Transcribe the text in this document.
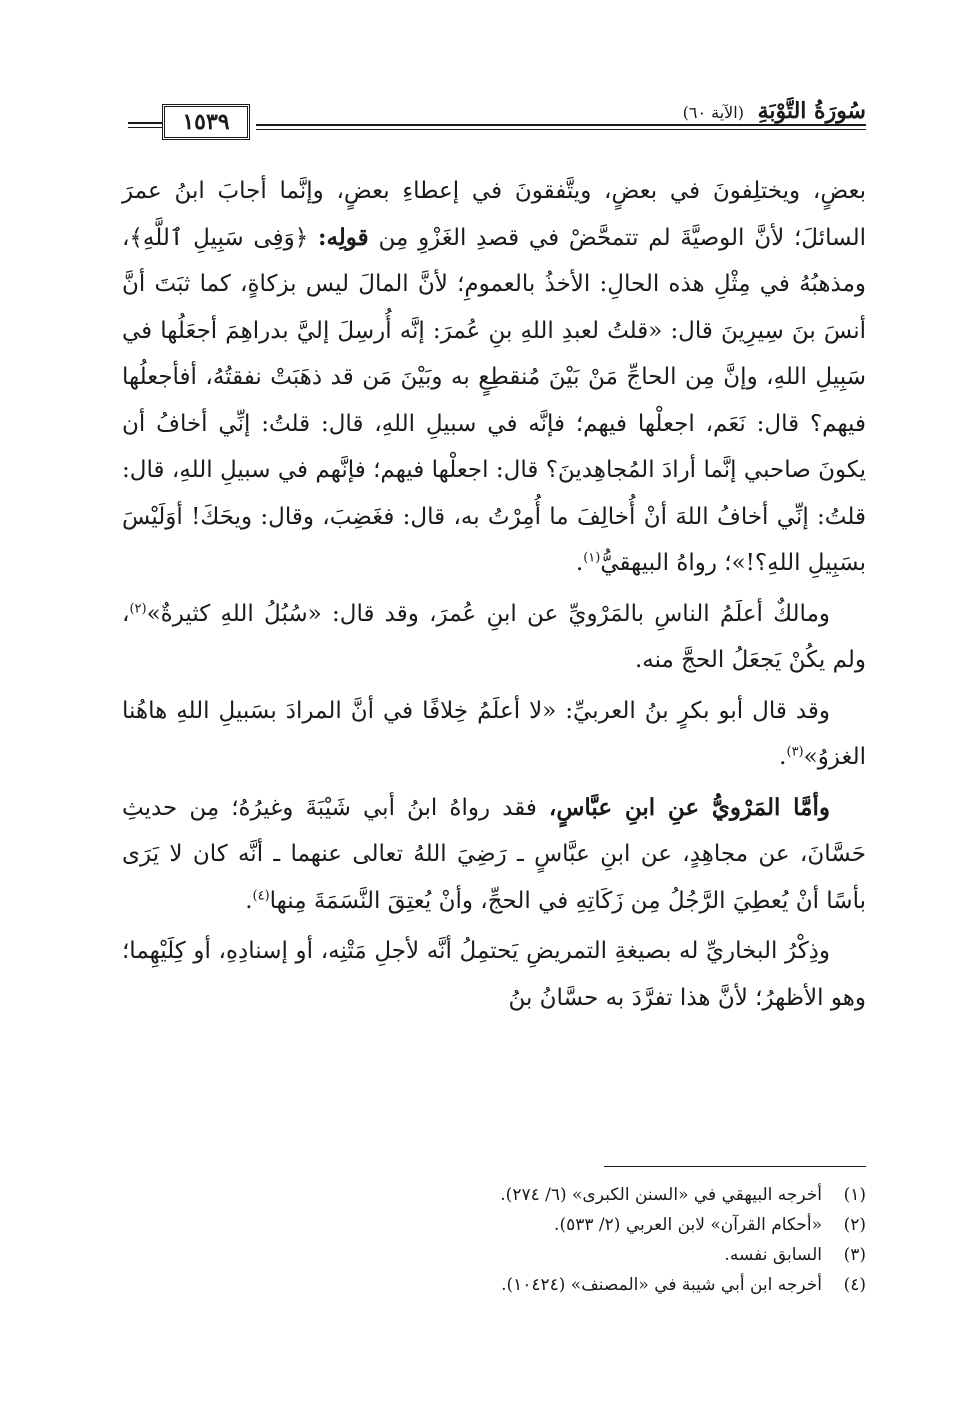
سُورَةُ التَّوْبَةِ (الآية ٦٠)
١٥٣٩

بعضٍ، ويختلِفونَ في بعضٍ، ويتَّفقونَ في إعطاءِ بعضٍ، وإنَّما أجابَ ابنُ عمرَ السائلَ؛ لأنَّ الوصيَّةَ لم تتمحَّضْ في قصدِ الغَزْوِ مِن قولِه: ﴿وَفِى سَبِيلِ ٱللَّهِ﴾، ومذهبُهُ في مِثْلِ هذه الحالِ: الأخذُ بالعمومِ؛ لأنَّ المالَ ليس بزكاةٍ، كما ثبَتَ أنَّ أنسَ بنَ سِيرِينَ قال: «قلتُ لعبدِ اللهِ بنِ عُمرَ: إنَّه أُرسِلَ إليَّ بدراهِمَ أجعَلُها في سَبِيلِ اللهِ، وإنَّ مِن الحاجِّ مَنْ بَيْنَ مُنقطِعٍ به وبَيْنَ مَن قد ذهَبَتْ نفقتُهُ، أفأجعلُها فيهم؟ قال: نَعَم، اجعلْها فيهم؛ فإنَّه في سبيلِ اللهِ، قال: قلتُ: إنِّي أخافُ أن يكونَ صاحبي إنَّما أرادَ المُجاهِدينَ؟ قال: اجعلْها فيهم؛ فإنَّهم في سبيلِ اللهِ، قال: قلتُ: إنِّي أخافُ اللهَ أنْ أُخالِفَ ما أُمِرْتُ به، قال: فغَضِبَ، وقال: ويحَكَ! أوَلَيْسَ بسَبِيلِ اللهِ؟!»؛ رواهُ البيهقيُّ$^{(١)}$.

ومالكٌ أعلَمُ الناسِ بالمَرْويِّ عن ابنِ عُمرَ، وقد قال: «سُبُلُ اللهِ كثيرةٌ»$^{(٢)}$، ولم يكُنْ يَجعَلُ الحجَّ منه.

وقد قال أبو بكرٍ بنُ العربيِّ: «لا أعلَمُ خِلافًا في أنَّ المرادَ بسَبيلِ اللهِ هاهُنا الغزوُ»$^{(٣)}$.

وأمَّا المَرْويُّ عنِ ابنِ عبَّاسٍ، فقد رواهُ ابنُ أبي شَيْبَةَ وغيرُهُ؛ مِن حديثِ حَسَّانَ، عن مجاهِدٍ، عن ابنِ عبَّاسٍ ـ رَضِيَ اللهُ تعالى عنهما ـ أنَّه كان لا يَرَى بأسًا أنْ يُعطِيَ الرَّجُلُ مِن زَكَاتِهِ في الحجِّ، وأنْ يُعتِقَ النَّسَمَةَ مِنها$^{(٤)}$.

وذِكْرُ البخاريِّ له بصيغةِ التمريضِ يَحتمِلُ أنَّه لأجلِ مَتْنِه، أو إسنادِهِ، أو كِلَيْهِما؛ وهو الأظهرُ؛ لأنَّ هذا تفرَّدَ به حسَّانُ بنُ

(١)
أخرجه البيهقي في «السنن الكبرى» (٦/ ٢٧٤).
(٢)
«أحكام القرآن» لابن العربي (٢/ ٥٣٣).
(٣)
السابق نفسه.
(٤)
أخرجه ابن أبي شيبة في «المصنف» (١٠٤٢٤).
